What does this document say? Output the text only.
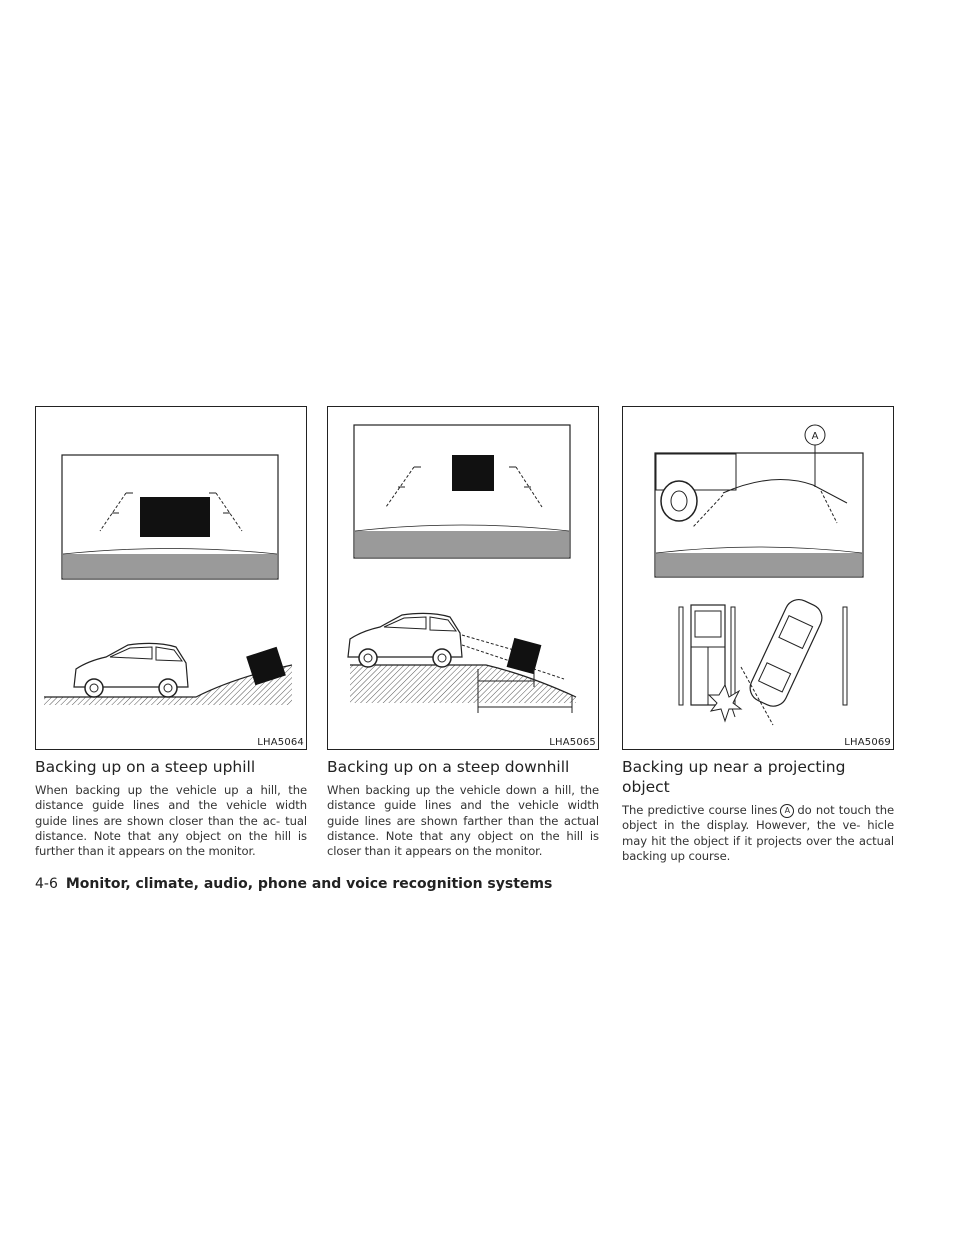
LHA5064
Backing up on a steep uphill

When backing up the vehicle up a hill, the distance guide lines and the vehicle width guide lines are shown closer than the ac- tual distance. Note that any object on the hill is further than it appears on the monitor.

LHA5065
Backing up on a steep downhill

When backing up the vehicle down a hill, the distance guide lines and the vehicle width guide lines are shown farther than the actual distance. Note that any object on the hill is closer than it appears on the monitor.

A
LHA5069
Backing up near a projecting object

The predictive course lines A do not touch the object in the display. However, the ve- hicle may hit the object if it projects over the actual backing up course.

4-6 Monitor, climate, audio, phone and voice recognition systems
